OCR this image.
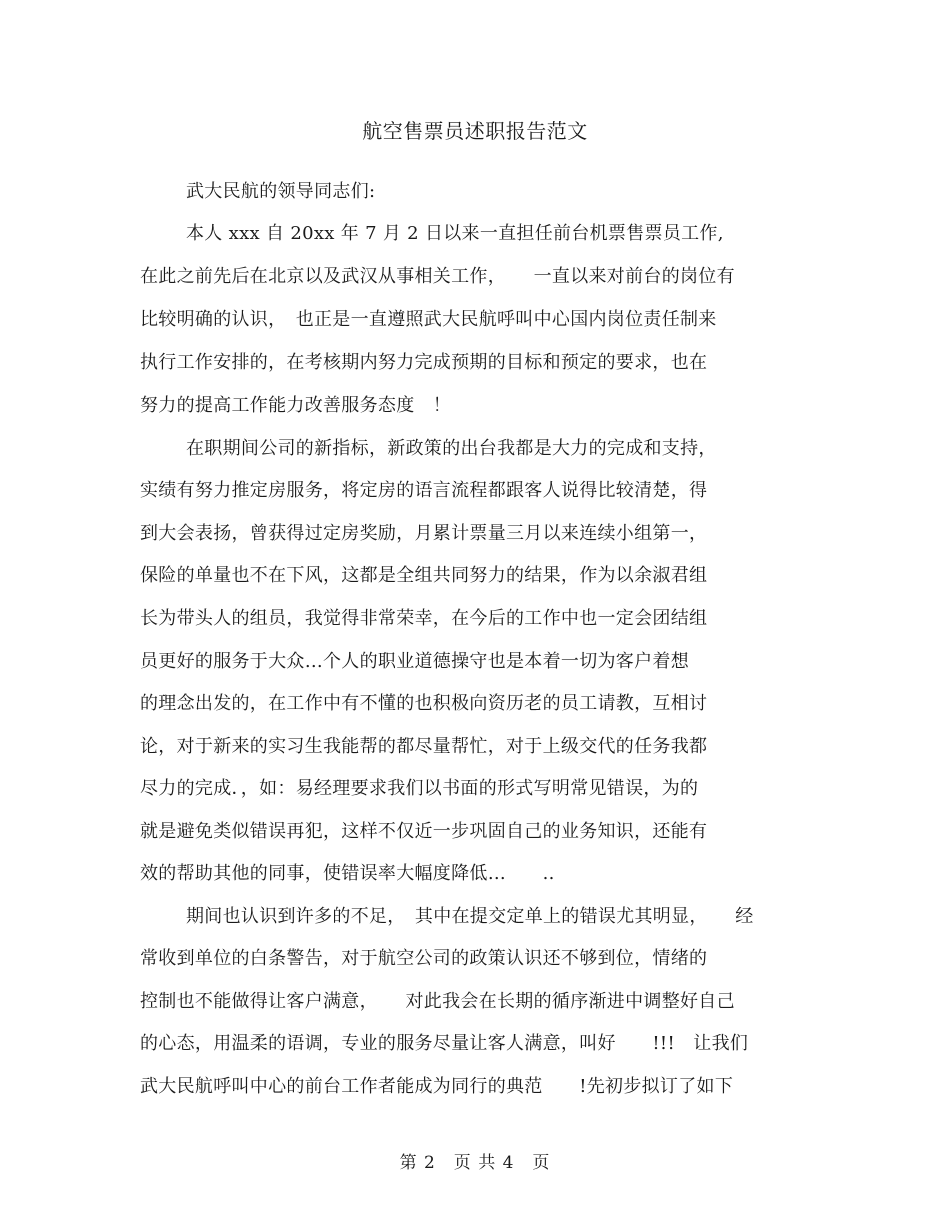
航空售票员述职报告范文
武大民航的领导同志们:
本人 xxx 自 20xx 年 7 月 2 日以来一直担任前台机票售票员工作,
在此之前先后在北京以及武汉从事相关工作，　　一直以来对前台的岗位有
比较明确的认识，　也正是一直遵照武大民航呼叫中心国内岗位责任制来
执行工作安排的，在考核期内努力完成预期的目标和预定的要求，也在
努力的提高工作能力改善服务态度　！
在职期间公司的新指标，新政策的出台我都是大力的完成和支持，
实绩有努力推定房服务，将定房的语言流程都跟客人说得比较清楚，得
到大会表扬，曾获得过定房奖励，月累计票量三月以来连续小组第一，
保险的单量也不在下风，这都是全组共同努力的结果，作为以余淑君组
长为带头人的组员，我觉得非常荣幸，在今后的工作中也一定会团结组
员更好的服务于大众…个人的职业道德操守也是本着一切为客户着想
的理念出发的，在工作中有不懂的也积极向资历老的员工请教，互相讨
论，对于新来的实习生我能帮的都尽量帮忙，对于上级交代的任务我都
尽力的完成．，如：易经理要求我们以书面的形式写明常见错误，为的
就是避免类似错误再犯，这样不仅近一步巩固自己的业务知识，还能有
效的帮助其他的同事，使错误率大幅度降低…　　..
期间也认识到许多的不足，　其中在提交定单上的错误尤其明显，　　经
常收到单位的白条警告，对于航空公司的政策认识还不够到位，情绪的
控制也不能做得让客户满意，　　对此我会在长期的循序渐进中调整好自己
的心态，用温柔的语调，专业的服务尽量让客人满意，叫好　　!!!　让我们
武大民航呼叫中心的前台工作者能成为同行的典范　　!先初步拟订了如下
第 2　页 共 4　页
